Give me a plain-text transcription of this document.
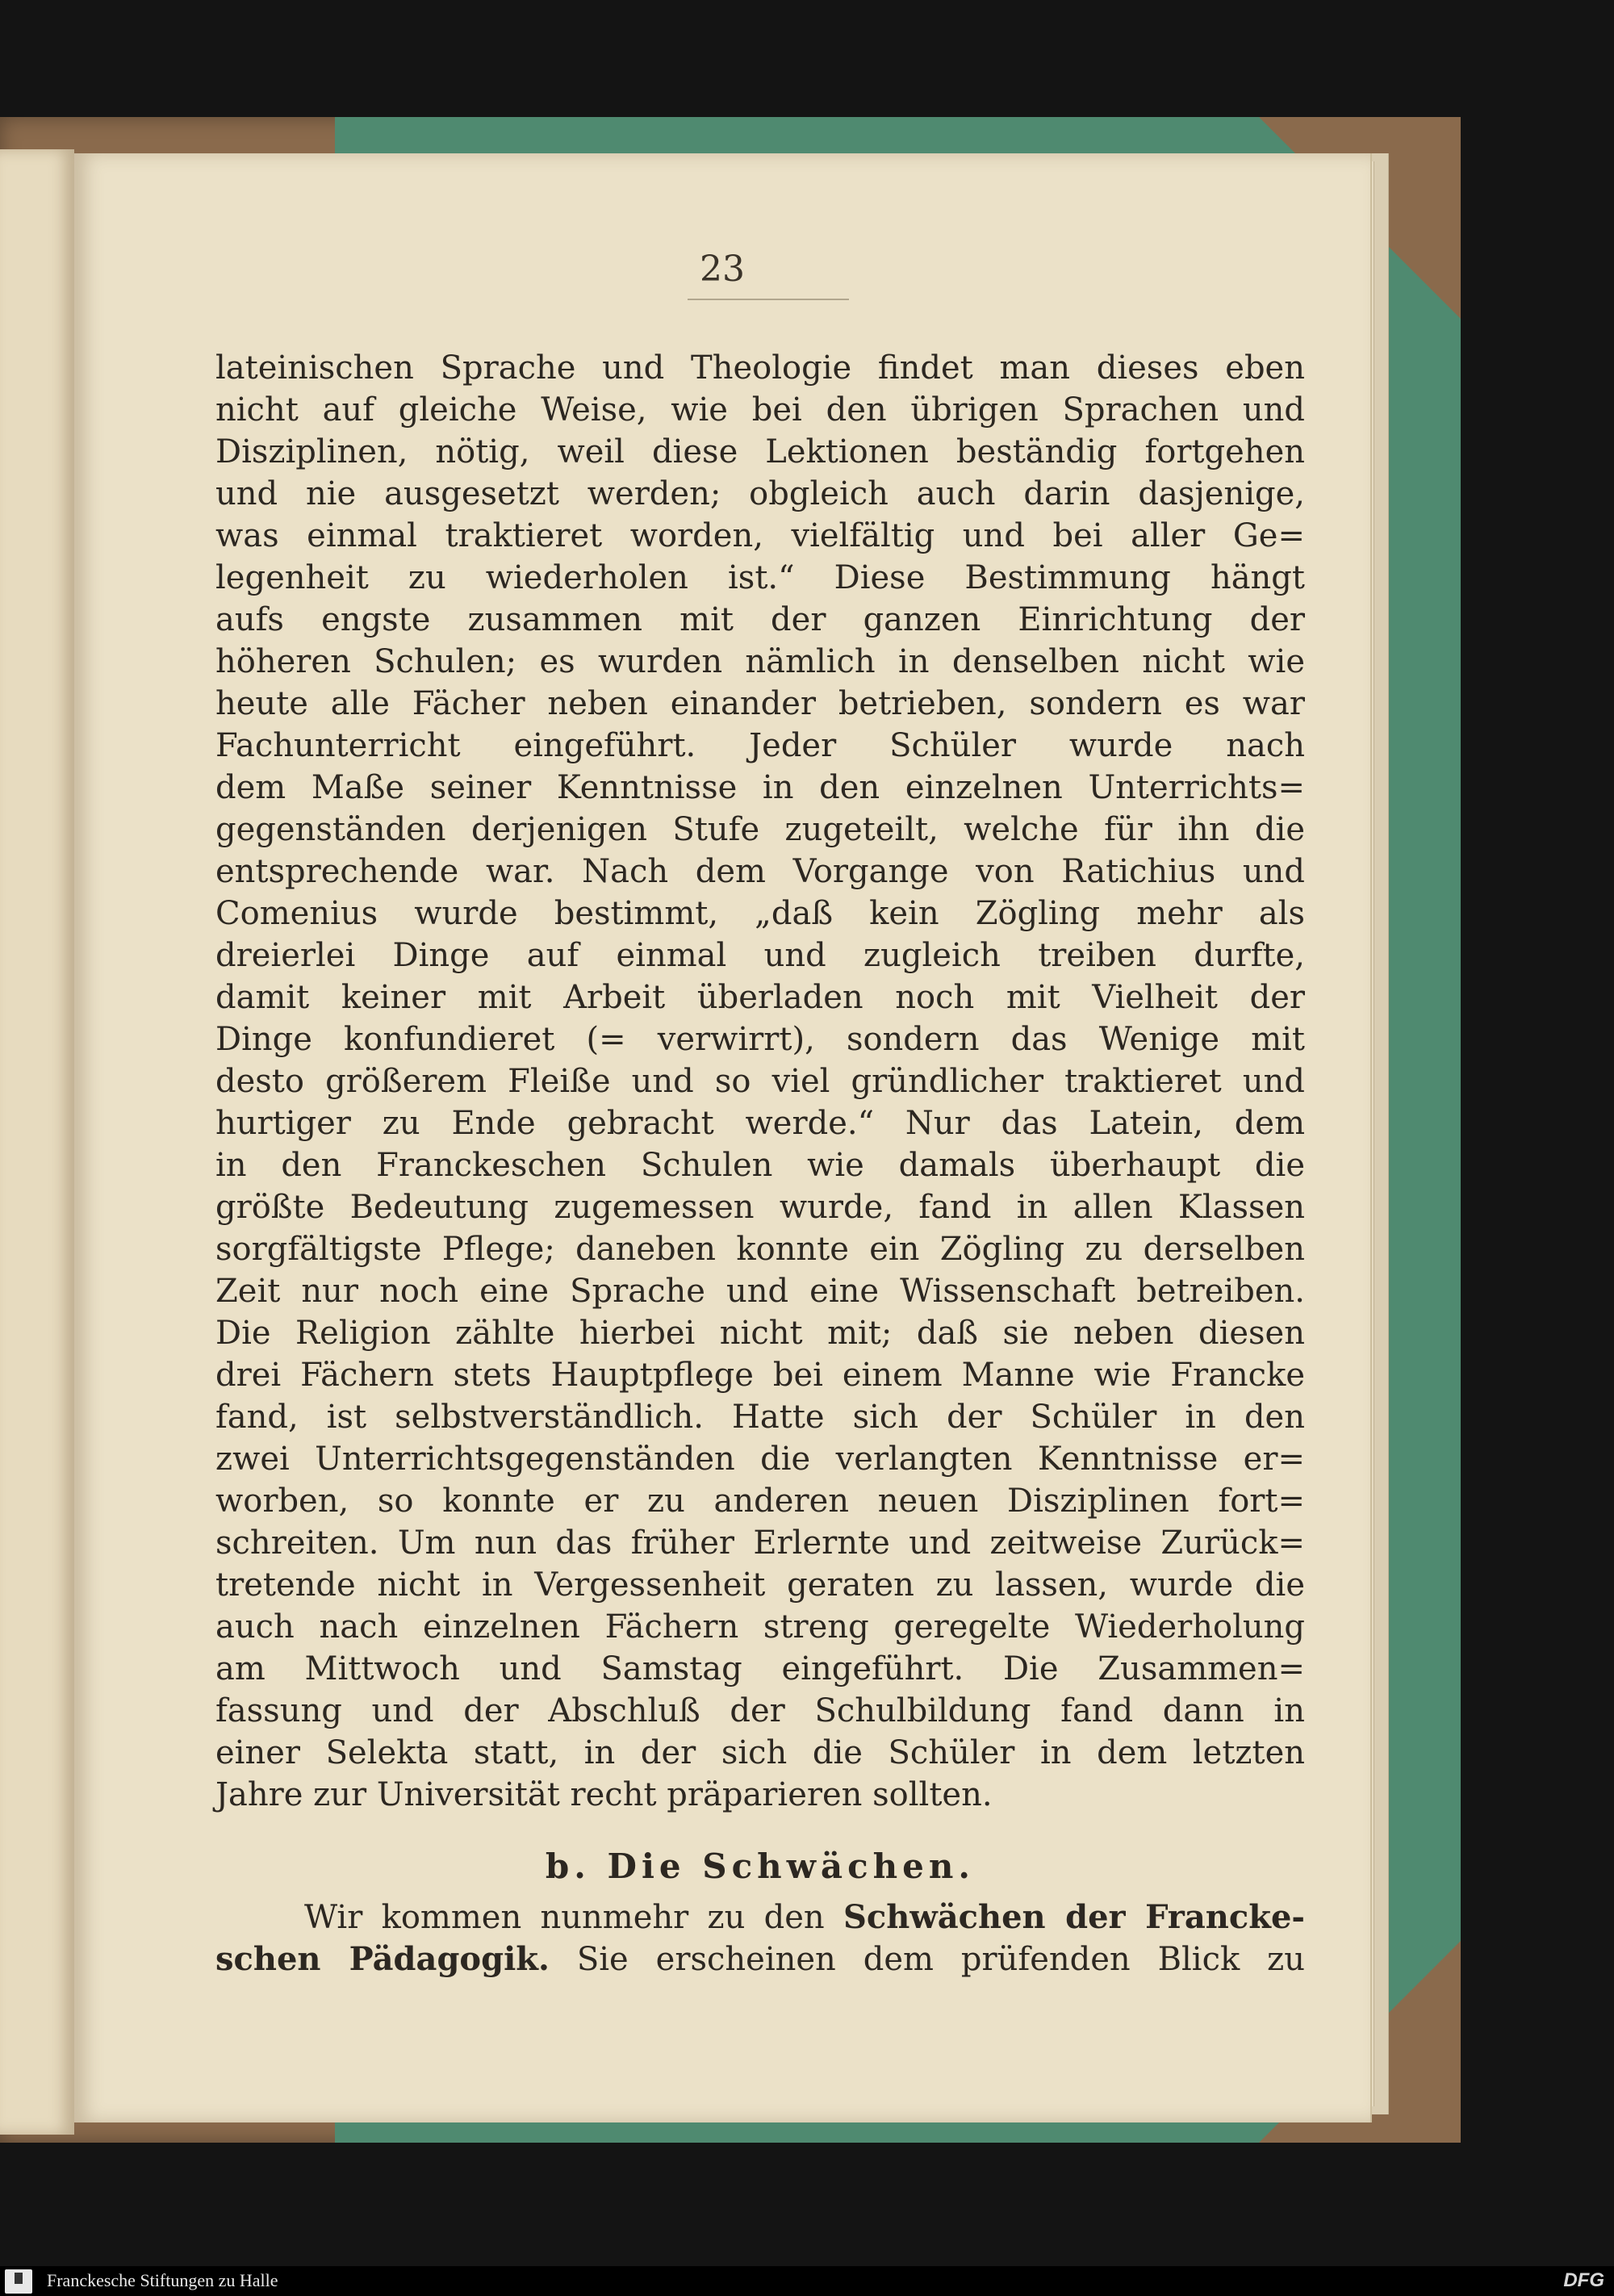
23
lateinischen Sprache und Theologie findet man dieses eben
nicht auf gleiche Weise, wie bei den übrigen Sprachen und
Disziplinen, nötig, weil diese Lektionen beständig fortgehen
und nie ausgesetzt werden; obgleich auch darin dasjenige,
was einmal traktieret worden, vielfältig und bei aller Ge=
legenheit zu wiederholen ist.“ Diese Bestimmung hängt
aufs engste zusammen mit der ganzen Einrichtung der
höheren Schulen; es wurden nämlich in denselben nicht wie
heute alle Fächer neben einander betrieben, sondern es war
Fachunterricht eingeführt. Jeder Schüler wurde nach
dem Maße seiner Kenntnisse in den einzelnen Unterrichts=
gegenständen derjenigen Stufe zugeteilt, welche für ihn die
entsprechende war. Nach dem Vorgange von Ratichius und
Comenius wurde bestimmt, „daß kein Zögling mehr als
dreierlei Dinge auf einmal und zugleich treiben durfte,
damit keiner mit Arbeit überladen noch mit Vielheit der
Dinge konfundieret (= verwirrt), sondern das Wenige mit
desto größerem Fleiße und so viel gründlicher traktieret und
hurtiger zu Ende gebracht werde.“ Nur das Latein, dem
in den Franckeschen Schulen wie damals überhaupt die
größte Bedeutung zugemessen wurde, fand in allen Klassen
sorgfältigste Pflege; daneben konnte ein Zögling zu derselben
Zeit nur noch eine Sprache und eine Wissenschaft betreiben.
Die Religion zählte hierbei nicht mit; daß sie neben diesen
drei Fächern stets Hauptpflege bei einem Manne wie Francke
fand, ist selbstverständlich. Hatte sich der Schüler in den
zwei Unterrichtsgegenständen die verlangten Kenntnisse er=
worben, so konnte er zu anderen neuen Disziplinen fort=
schreiten. Um nun das früher Erlernte und zeitweise Zurück=
tretende nicht in Vergessenheit geraten zu lassen, wurde die
auch nach einzelnen Fächern streng geregelte Wiederholung
am Mittwoch und Samstag eingeführt. Die Zusammen=
fassung und der Abschluß der Schulbildung fand dann in
einer Selekta statt, in der sich die Schüler in dem letzten
Jahre zur Universität recht präparieren sollten.
b. Die Schwächen.
Wir kommen nunmehr zu den Schwächen der Francke-
schen Pädagogik. Sie erscheinen dem prüfenden Blick zu
Franckesche Stiftungen zu Halle	DFG
